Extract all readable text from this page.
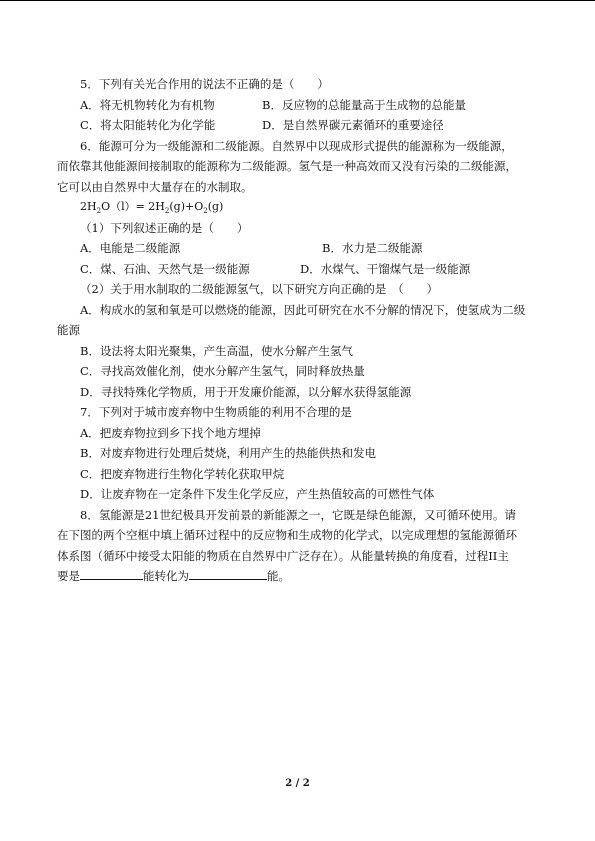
5．下列有关光合作用的说法不正确的是（　　）
A．将无机物转化为有机物	B．反应物的总能量高于生成物的总能量
C．将太阳能转化为化学能	D．是自然界碳元素循环的重要途径
6．能源可分为一级能源和二级能源。自然界中以现成形式提供的能源称为一级能源，
而依靠其他能源间接制取的能源称为二级能源。氢气是一种高效而又没有污染的二级能源，
它可以由自然界中大量存在的水制取。
$2H_2O(l)= 2H_2(g)+O_2(g)$
（1）下列叙述正确的是（　　）
A．电能是二级能源	B．水力是二级能源
C．煤、石油、天然气是一级能源	D．水煤气、干馏煤气是一级能源
（2）关于用水制取的二级能源氢气，以下研究方向正确的是　（　　）
A．构成水的氢和氧是可以燃烧的能源，因此可研究在水不分解的情况下，使氢成为二级
能源
B．设法将太阳光聚集，产生高温，使水分解产生氢气
C．寻找高效催化剂，使水分解产生氢气，同时释放热量
D．寻找特殊化学物质，用于开发廉价能源，以分解水获得氢能源
7．下列对于城市废弃物中生物质能的利用不合理的是
A．把废弃物拉到乡下找个地方埋掉
B．对废弃物进行处理后焚烧，利用产生的热能供热和发电
C．把废弃物进行生物化学转化获取甲烷
D．让废弃物在一定条件下发生化学反应，产生热值较高的可燃性气体
8．氢能源是21世纪极具开发前景的新能源之一，它既是绿色能源，又可循环使用。请
在下图的两个空框中填上循环过程中的反应物和生成物的化学式，以完成理想的氢能源循环
体系图（循环中接受太阳能的物质在自然界中广泛存在）。从能量转换的角度看，过程II主
要是	能转化为	能。
2 / 2
